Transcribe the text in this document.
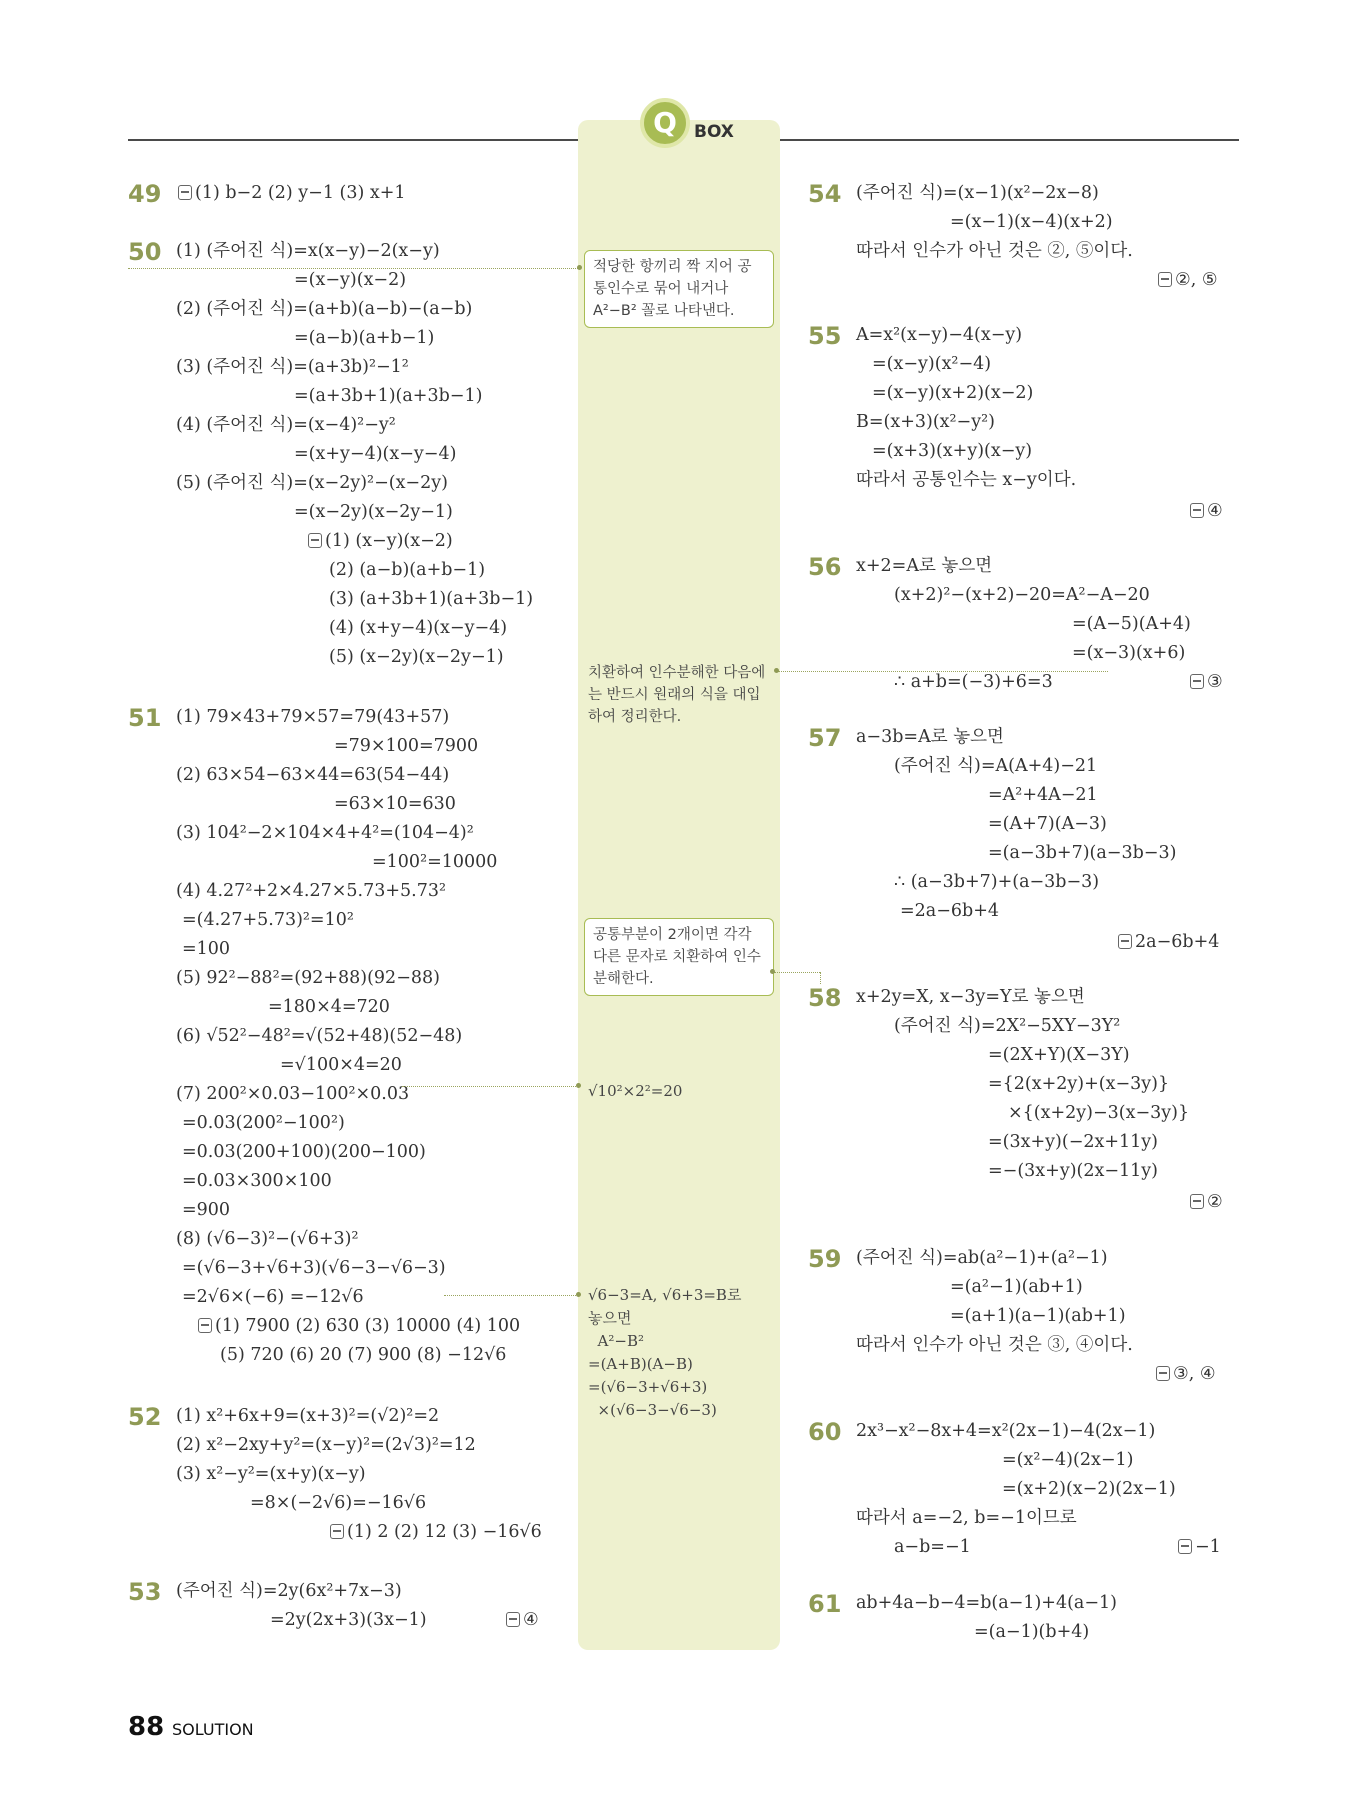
Q	BOX
49	(1) b−2 (2) y−1 (3) x+1
50 (1) (주어진 식)=x(x−y)−2(x−y)
=(x−y)(x−2)
(2) (주어진 식)=(a+b)(a−b)−(a−b)
=(a−b)(a+b−1)
(3) (주어진 식)=(a+3b)²−1²
=(a+3b+1)(a+3b−1)
(4) (주어진 식)=(x−4)²−y²
=(x+y−4)(x−y−4)
(5) (주어진 식)=(x−2y)²−(x−2y)
=(x−2y)(x−2y−1)
(1) (x−y)(x−2)
(2) (a−b)(a+b−1)
(3) (a+3b+1)(a+3b−1)
(4) (x+y−4)(x−y−4)
(5) (x−2y)(x−2y−1)
51 (1) 79×43+79×57=79(43+57)
=79×100=7900
(2) 63×54−63×44=63(54−44)
=63×10=630
(3) 104²−2×104×4+4²=(104−4)²
=100²=10000
(4) 4.27²+2×4.27×5.73+5.73²
=(4.27+5.73)²=10²
=100
(5) 92²−88²=(92+88)(92−88)
=180×4=720
(6) √52²−48²=√(52+48)(52−48)
=√100×4=20
(7) 200²×0.03−100²×0.03
=0.03(200²−100²)
=0.03(200+100)(200−100)
=0.03×300×100
=900
(8) (√6−3)²−(√6+3)²
=(√6−3+√6+3)(√6−3−√6−3)
=2√6×(−6) =−12√6
(1) 7900 (2) 630 (3) 10000 (4) 100
(5) 720 (6) 20 (7) 900 (8) −12√6
52 (1) x²+6x+9=(x+3)²=(√2)²=2
(2) x²−2xy+y²=(x−y)²=(2√3)²=12
(3) x²−y²=(x+y)(x−y)
=8×(−2√6)=−16√6
(1) 2 (2) 12 (3) −16√6
53 (주어진 식)=2y(6x²+7x−3)
=2y(2x+3)(3x−1)	④
54 (주어진 식)=(x−1)(x²−2x−8)
=(x−1)(x−4)(x+2)
따라서 인수가 아닌 것은 ②, ⑤이다.
②, ⑤
55 A=x²(x−y)−4(x−y)
=(x−y)(x²−4)
=(x−y)(x+2)(x−2)
B=(x+3)(x²−y²)
=(x+3)(x+y)(x−y)
따라서 공통인수는 x−y이다.
④
56 x+2=A로 놓으면
(x+2)²−(x+2)−20=A²−A−20
=(A−5)(A+4)
=(x−3)(x+6)
∴ a+b=(−3)+6=3	③
57 a−3b=A로 놓으면
(주어진 식)=A(A+4)−21
=A²+4A−21
=(A+7)(A−3)
=(a−3b+7)(a−3b−3)
∴ (a−3b+7)+(a−3b−3)
=2a−6b+4
2a−6b+4
58 x+2y=X, x−3y=Y로 놓으면
(주어진 식)=2X²−5XY−3Y²
=(2X+Y)(X−3Y)
={2(x+2y)+(x−3y)}
×{(x+2y)−3(x−3y)}
=(3x+y)(−2x+11y)
=−(3x+y)(2x−11y)
②
59 (주어진 식)=ab(a²−1)+(a²−1)
=(a²−1)(ab+1)
=(a+1)(a−1)(ab+1)
따라서 인수가 아닌 것은 ③, ④이다.
③, ④
60 2x³−x²−8x+4=x²(2x−1)−4(2x−1)
=(x²−4)(2x−1)
=(x+2)(x−2)(2x−1)
따라서 a=−2, b=−1이므로
a−b=−1	−1
61 ab+4a−b−4=b(a−1)+4(a−1)
=(a−1)(b+4)
적당한 항끼리 짝 지어 공통인수로 묶어 내거나 A²−B² 꼴로 나타낸다.
치환하여 인수분해한 다음에는 반드시 원래의 식을 대입하여 정리한다.
공통부분이 2개이면 각각 다른 문자로 치환하여 인수분해한다.
√10²×2²=20
√6−3=A, √6+3=B로
놓으면
A²−B²
=(A+B)(A−B)
=(√6−3+√6+3)
×(√6−3−√6−3)
88 SOLUTION
